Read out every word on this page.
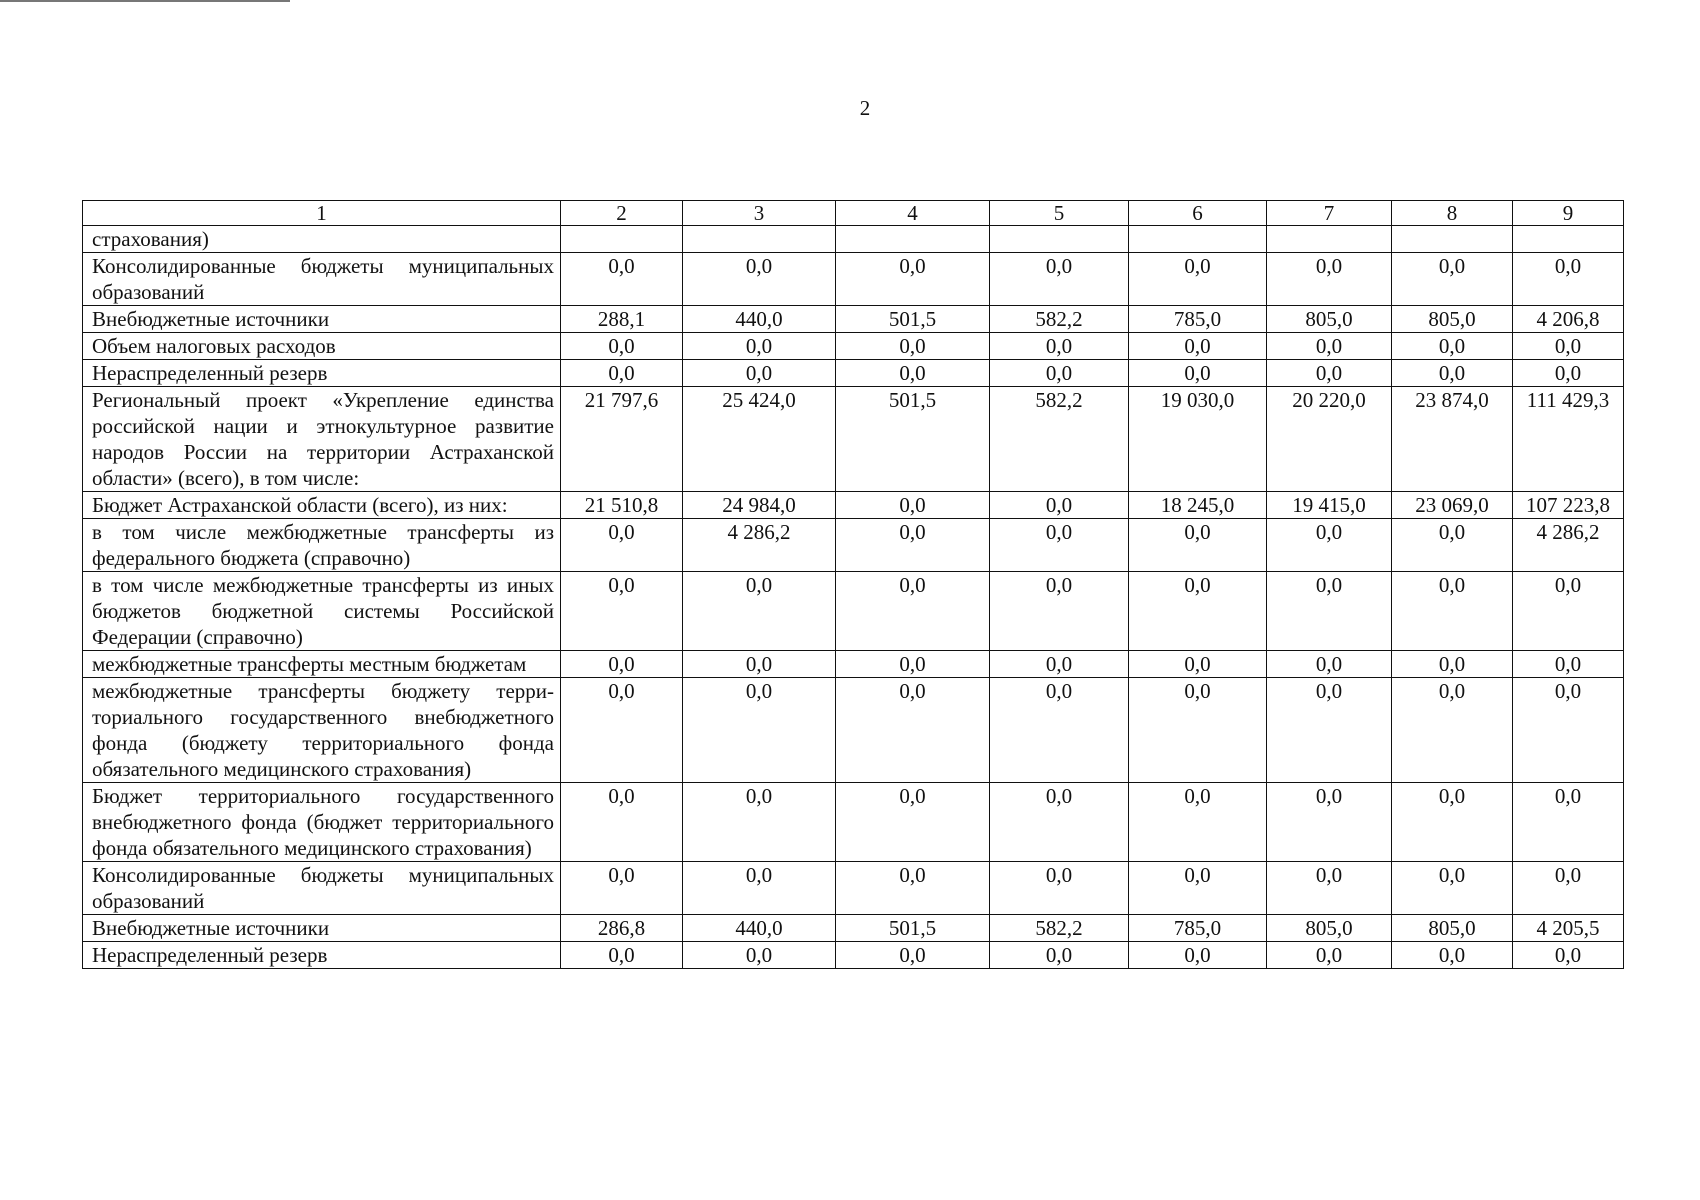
2
1	2	3	4	5	6	7	8	9
страхования)								
Консолидированные бюджеты муниципальных образований	0,0	0,0	0,0	0,0	0,0	0,0	0,0	0,0
Внебюджетные источники	288,1	440,0	501,5	582,2	785,0	805,0	805,0	4 206,8
Объем налоговых расходов	0,0	0,0	0,0	0,0	0,0	0,0	0,0	0,0
Нераспределенный резерв	0,0	0,0	0,0	0,0	0,0	0,0	0,0	0,0
Региональный проект «Укрепление единства российской нации и этнокультурное развитие народов России на территории Астраханской области» (всего), в том числе:	21 797,6	25 424,0	501,5	582,2	19 030,0	20 220,0	23 874,0	111 429,3
Бюджет Астраханской области (всего), из них:	21 510,8	24 984,0	0,0	0,0	18 245,0	19 415,0	23 069,0	107 223,8
в том числе межбюджетные трансферты из федерального бюджета (справочно)	0,0	4 286,2	0,0	0,0	0,0	0,0	0,0	4 286,2
в том числе межбюджетные трансферты из иных бюджетов бюджетной системы Российской Федерации (справочно)	0,0	0,0	0,0	0,0	0,0	0,0	0,0	0,0
межбюджетные трансферты местным бюджетам	0,0	0,0	0,0	0,0	0,0	0,0	0,0	0,0
межбюджетные трансферты бюджету территориального государственного внебюджетного фонда (бюджету территориального фонда обязательного медицинского страхования)	0,0	0,0	0,0	0,0	0,0	0,0	0,0	0,0
Бюджет территориального государственного внебюджетного фонда (бюджет территориального фонда обязательного медицинского страхования)	0,0	0,0	0,0	0,0	0,0	0,0	0,0	0,0
Консолидированные бюджеты муниципальных образований	0,0	0,0	0,0	0,0	0,0	0,0	0,0	0,0
Внебюджетные источники	286,8	440,0	501,5	582,2	785,0	805,0	805,0	4 205,5
Нераспределенный резерв	0,0	0,0	0,0	0,0	0,0	0,0	0,0	0,0
